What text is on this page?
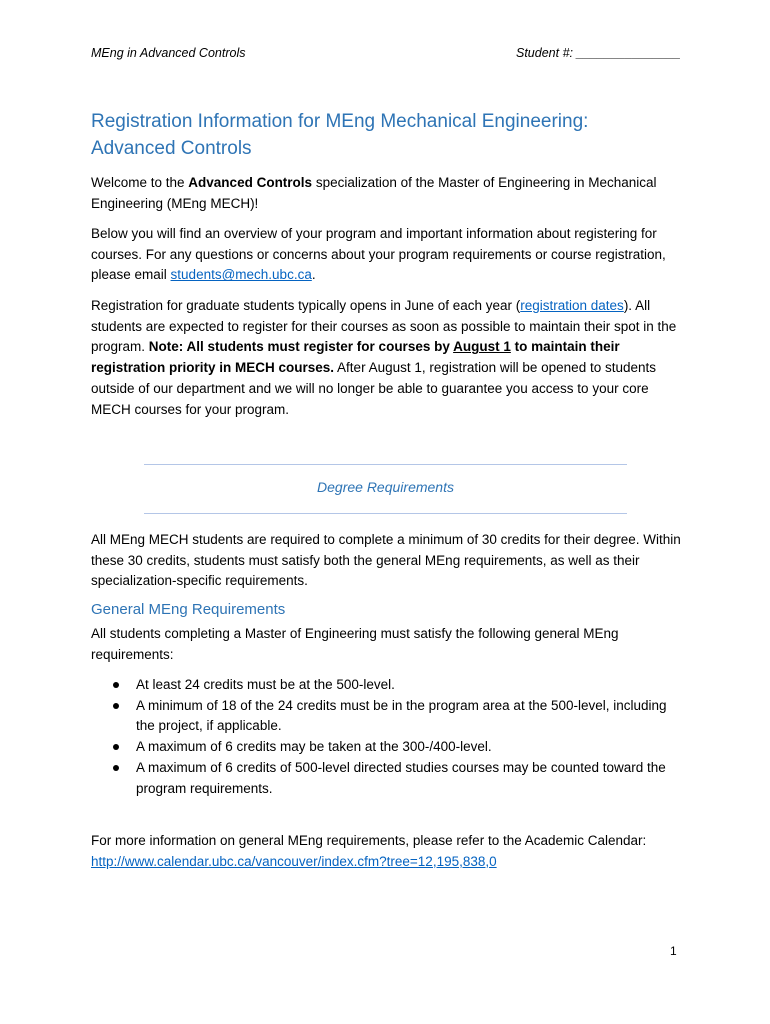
MEng in Advanced Controls	Student #: _______________
Registration Information for MEng Mechanical Engineering:
Advanced Controls

Welcome to the Advanced Controls specialization of the Master of Engineering in Mechanical Engineering (MEng MECH)!

Below you will find an overview of your program and important information about registering for courses. For any questions or concerns about your program requirements or course registration, please email students@mech.ubc.ca.

Registration for graduate students typically opens in June of each year (registration dates). All students are expected to register for their courses as soon as possible to maintain their spot in the program. Note: All students must register for courses by August 1 to maintain their registration priority in MECH courses. After August 1, registration will be opened to students outside of our department and we will no longer be able to guarantee you access to your core MECH courses for your program.

Degree Requirements

All MEng MECH students are required to complete a minimum of 30 credits for their degree. Within these 30 credits, students must satisfy both the general MEng requirements, as well as their specialization-specific requirements.

General MEng Requirements

All students completing a Master of Engineering must satisfy the following general MEng requirements:

At least 24 credits must be at the 500-level.
A minimum of 18 of the 24 credits must be in the program area at the 500-level, including the project, if applicable.
A maximum of 6 credits may be taken at the 300-/400-level.
A maximum of 6 credits of 500-level directed studies courses may be counted toward the program requirements.

For more information on general MEng requirements, please refer to the Academic Calendar:
http://www.calendar.ubc.ca/vancouver/index.cfm?tree=12,195,838,0

1
